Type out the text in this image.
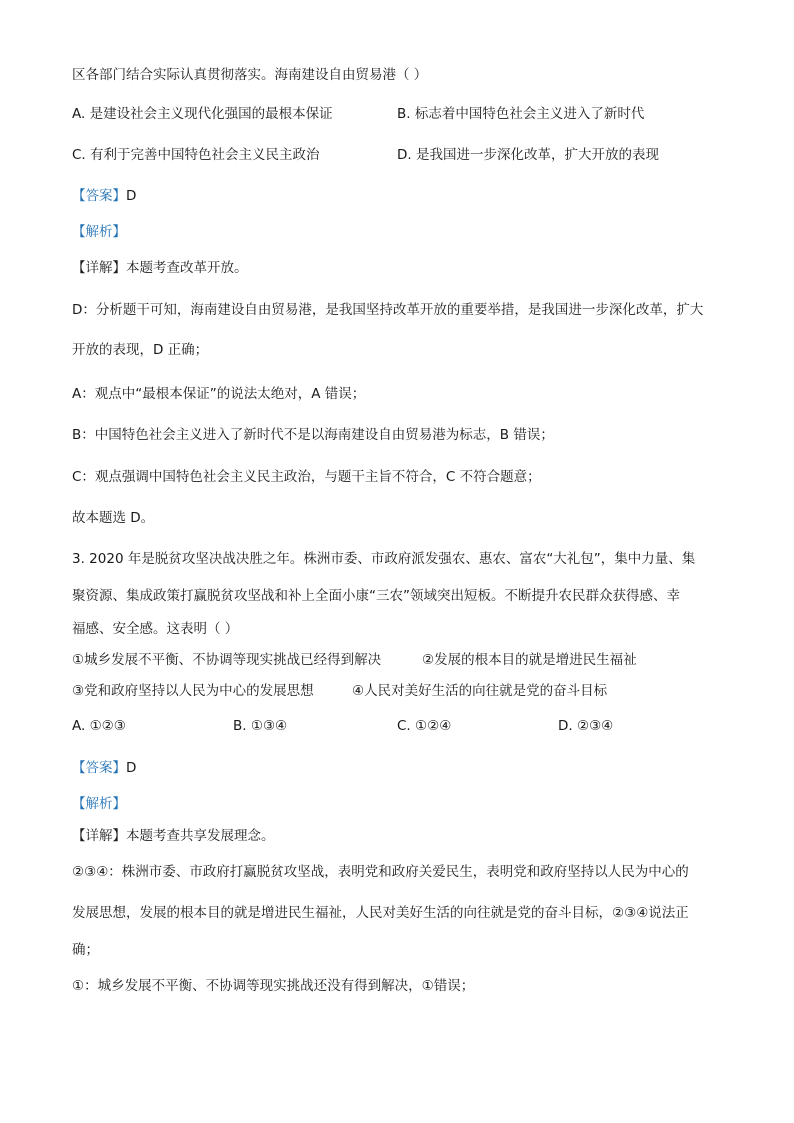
区各部门结合实际认真贯彻落实。海南建设自由贸易港（ ）
A. 是建设社会主义现代化强国的最根本保证	B. 标志着中国特色社会主义进入了新时代
C. 有利于完善中国特色社会主义民主政治	D. 是我国进一步深化改革，扩大开放的表现
【答案】D
【解析】
【详解】本题考查改革开放。
D：分析题干可知，海南建设自由贸易港，是我国坚持改革开放的重要举措，是我国进一步深化改革，扩大
开放的表现，D 正确；
A：观点中“最根本保证”的说法太绝对，A 错误；
B：中国特色社会主义进入了新时代不是以海南建设自由贸易港为标志，B 错误；
C：观点强调中国特色社会主义民主政治，与题干主旨不符合，C 不符合题意；
故本题选 D。
3. 2020 年是脱贫攻坚决战决胜之年。株洲市委、市政府派发强农、惠农、富农“大礼包”，集中力量、集
聚资源、集成政策打赢脱贫攻坚战和补上全面小康“三农”领域突出短板。不断提升农民群众获得感、幸
福感、安全感。这表明（ ）
①城乡发展不平衡、不协调等现实挑战已经得到解决	②发展的根本目的就是增进民生福祉
③党和政府坚持以人民为中心的发展思想	④人民对美好生活的向往就是党的奋斗目标
A. ①②③	B. ①③④	C. ①②④	D. ②③④
【答案】D
【解析】
【详解】本题考查共享发展理念。
②③④：株洲市委、市政府打赢脱贫攻坚战，表明党和政府关爱民生，表明党和政府坚持以人民为中心的
发展思想，发展的根本目的就是增进民生福祉，人民对美好生活的向往就是党的奋斗目标，②③④说法正
确；
①：城乡发展不平衡、不协调等现实挑战还没有得到解决，①错误；
